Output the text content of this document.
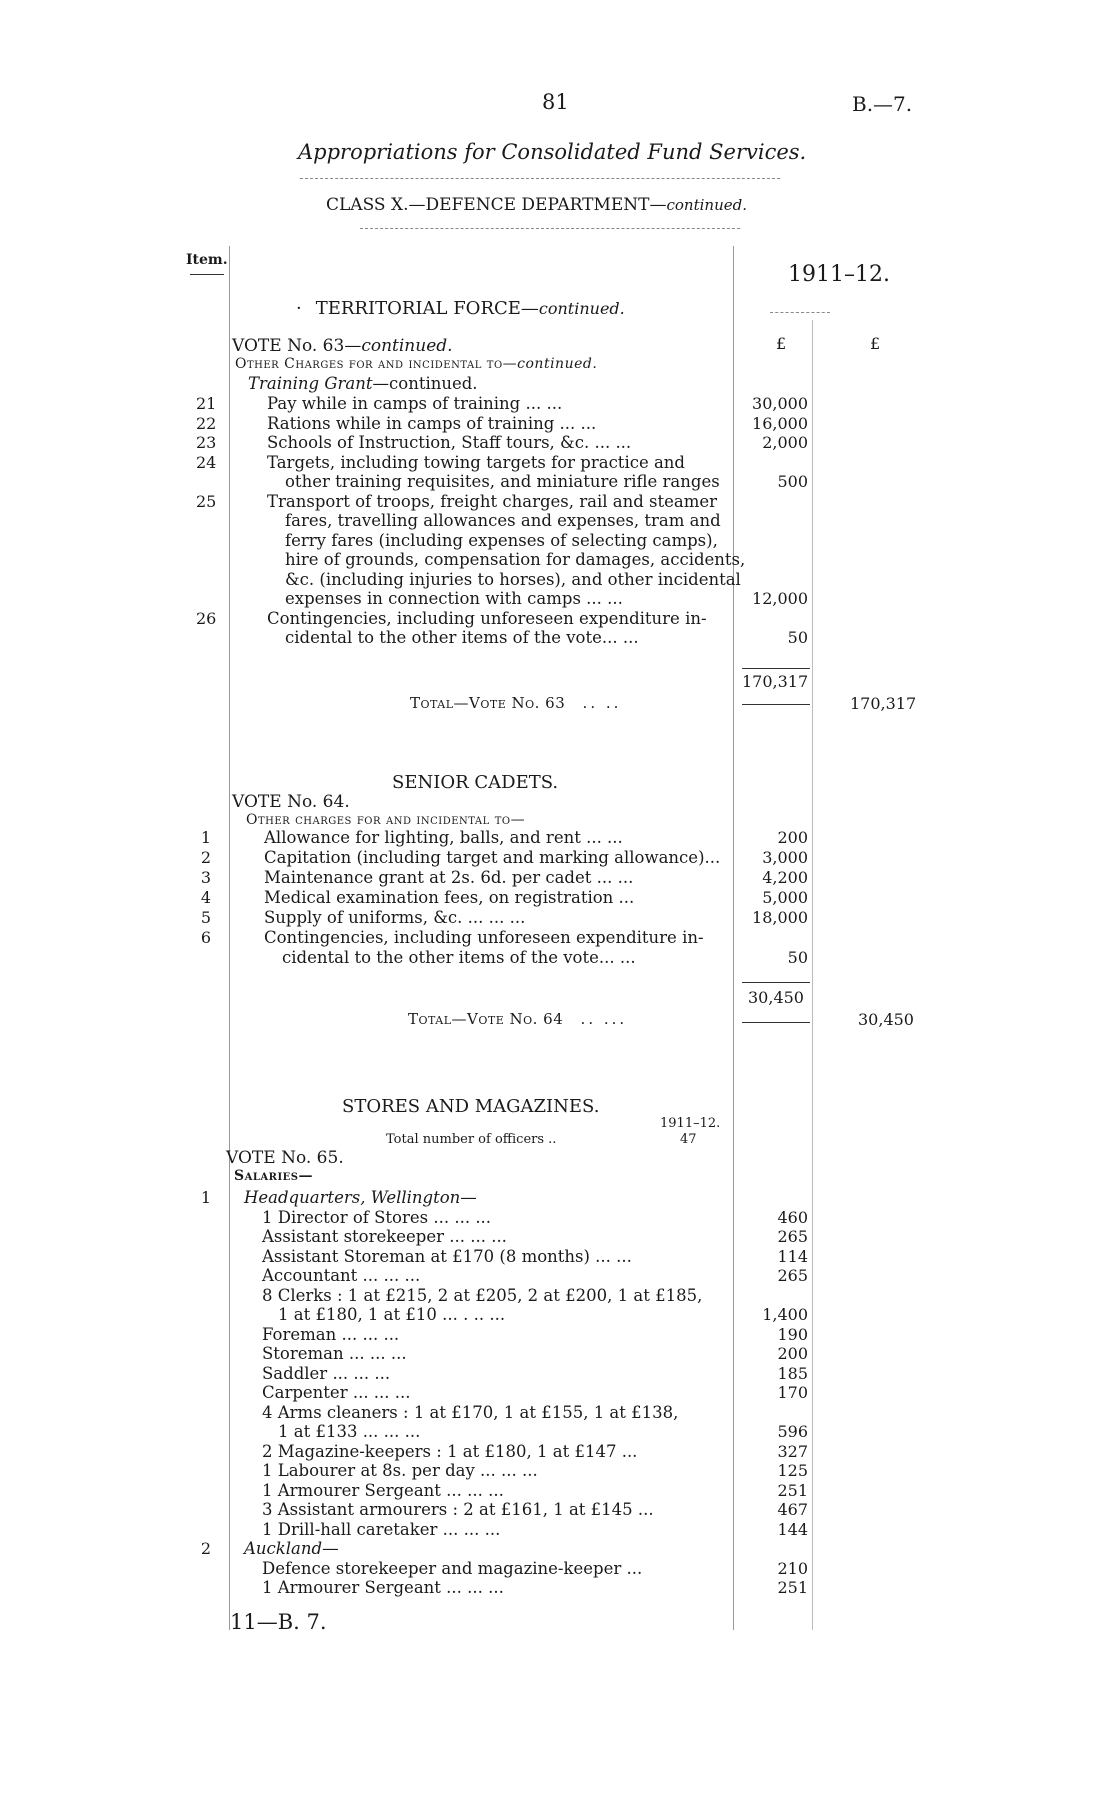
81	B.—7.
Appropriations for Consolidated Fund Services.
CLASS X.—DEFENCE DEPARTMENT—continued.
Item.
1911–12.
£	£
· TERRITORIAL FORCE—continued.
VOTE No. 63—continued.
Other Charges for and incidental to—continued.
Training Grant—continued.
21	Pay while in camps of training ... ...	30,000
22	Rations while in camps of training ... ...	16,000
23	Schools of Instruction, Staff tours, &c. ... ...	2,000
24	Targets, including towing targets for practice and
other training requisites, and miniature rifle ranges	500
25	Transport of troops, freight charges, rail and steamer
fares, travelling allowances and expenses, tram and
ferry fares (including expenses of selecting camps),
hire of grounds, compensation for damages, accidents,
&c. (including injuries to horses), and other incidental
expenses in connection with camps ... ...	12,000
26	Contingencies, including unforeseen expenditure in-
cidental to the other items of the vote... ...	50
170,317
Total—Vote No. 63 .. ..	170,317
SENIOR CADETS.
VOTE No. 64.
Other charges for and incidental to—
1	Allowance for lighting, balls, and rent ... ...	200
2	Capitation (including target and marking allowance)...	3,000
3	Maintenance grant at 2s. 6d. per cadet ... ...	4,200
4	Medical examination fees, on registration ...	5,000
5	Supply of uniforms, &c. ... ... ...	18,000
6	Contingencies, including unforeseen expenditure in-
cidental to the other items of the vote... ...	50
30,450
Total—Vote No. 64 .. ...	30,450
STORES AND MAGAZINES.
1911–12.
Total number of officers ..	47
VOTE No. 65.
Salaries—
1 Headquarters, Wellington—
1 Director of Stores ... ... ...	460
Assistant storekeeper ... ... ...	265
Assistant Storeman at £170 (8 months) ... ...	114
Accountant ... ... ...	265
8 Clerks : 1 at £215, 2 at £205, 2 at £200, 1 at £185,
1 at £180, 1 at £10 ... . .. ...	1,400
Foreman ... ... ...	190
Storeman ... ... ...	200
Saddler ... ... ...	185
Carpenter ... ... ...	170
4 Arms cleaners : 1 at £170, 1 at £155, 1 at £138,
1 at £133 ... ... ...	596
2 Magazine-keepers : 1 at £180, 1 at £147 ...	327
1 Labourer at 8s. per day ... ... ...	125
1 Armourer Sergeant ... ... ...	251
3 Assistant armourers : 2 at £161, 1 at £145 ...	467
1 Drill-hall caretaker ... ... ...	144
2 Auckland—
Defence storekeeper and magazine-keeper ...	210
1 Armourer Sergeant ... ... ...	251
11—B. 7.
